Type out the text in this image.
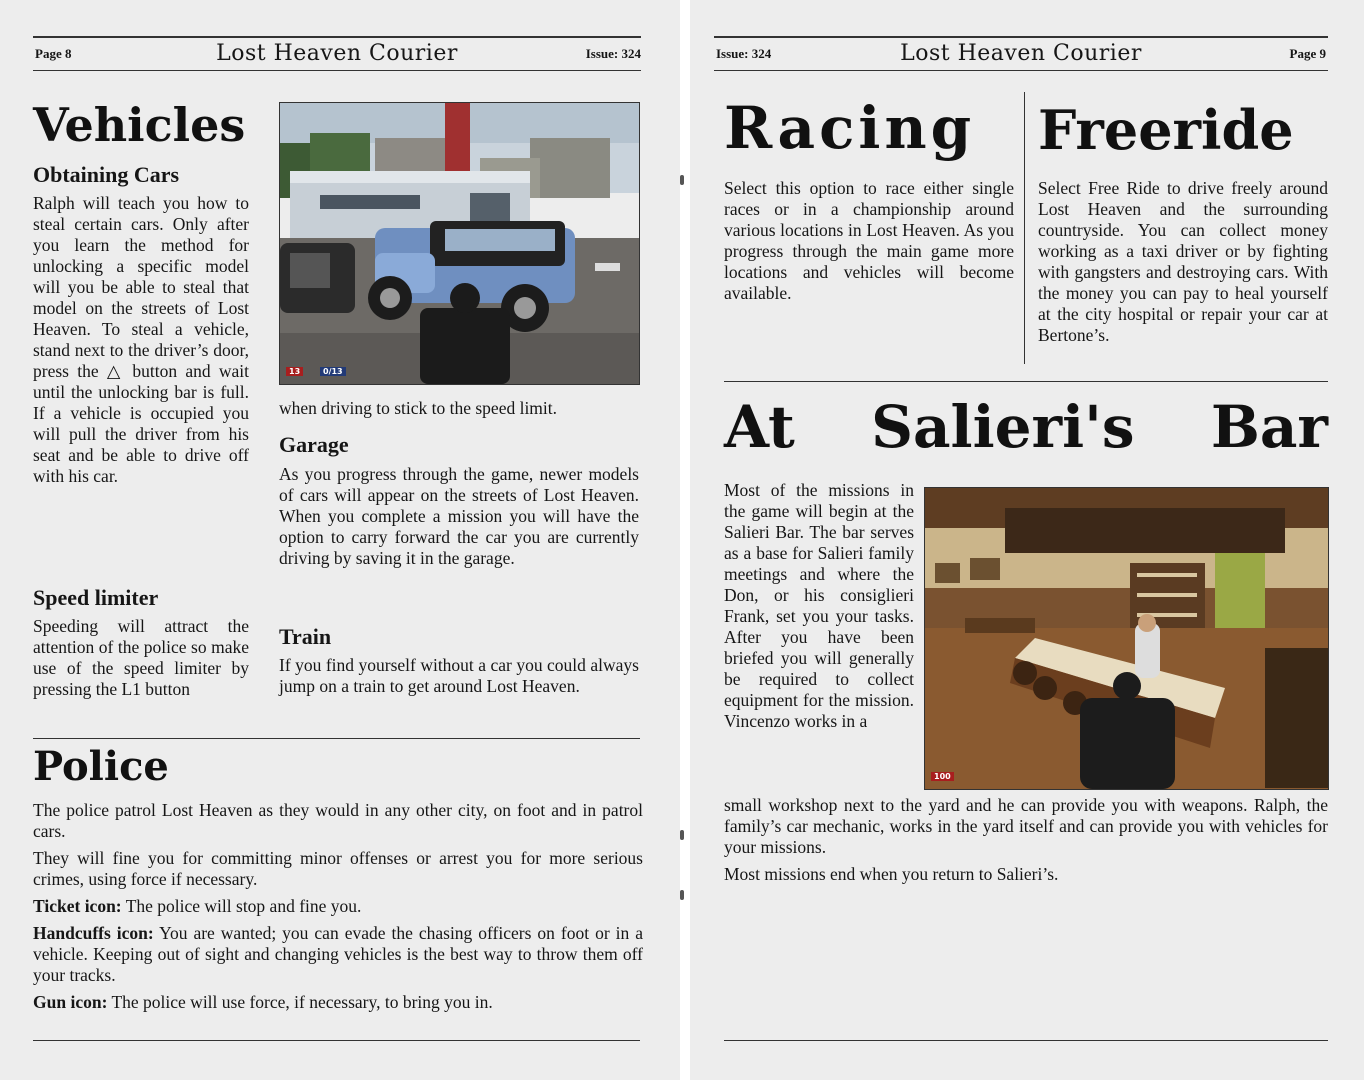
Page 8	Lost Heaven Courier	Issue: 324
Vehicles
Obtaining Cars
Ralph will teach you how to steal certain cars. Only after you learn the method for unlocking a specific model will you be able to steal that model on the streets of Lost Heaven. To steal a vehicle, stand next to the driver’s door, press the △ button and wait until the unlocking bar is full. If a vehicle is occupied you will pull the driver from his seat and be able to drive off with his car.
Speed limiter
Speeding will attract the attention of the police so make use of the speed limiter by pressing the L1 button
13	0/13
when driving to stick to the speed limit.
Garage
As you progress through the game, newer models of cars will appear on the streets of Lost Heaven. When you complete a mission you will have the option to carry forward the car you are currently driving by saving it in the garage.
Train
If you find yourself without a car you could always jump on a train to get around Lost Heaven.
Police

The police patrol Lost Heaven as they would in any other city, on foot and in patrol cars.

They will fine you for committing minor offenses or arrest you for more serious crimes, using force if necessary.

Ticket icon: The police will stop and fine you.

Handcuffs icon: You are wanted; you can evade the chasing officers on foot or in a vehicle. Keeping out of sight and changing vehicles is the best way to throw them off your tracks.

Gun icon: The police will use force, if necessary, to bring you in.

Issue: 324	Lost Heaven Courier	Page 9
Racing
Select this option to race either single races or in a championship around various locations in Lost Heaven. As you progress through the main game more locations and vehicles will become available.
Freeride
Select Free Ride to drive freely around Lost Heaven and the surrounding countryside. You can collect money working as a taxi driver or by fighting with gangsters and destroying cars. With the money you can pay to heal yourself at the city hospital or repair your car at Bertone’s.
At Salieri's Bar
Most of the missions in the game will begin at the Salieri Bar. The bar serves as a base for Salieri family meetings and where the Don, or his consiglieri Frank, set you your tasks. After you have been briefed you will generally be required to collect equipment for the mission. Vincenzo works in a
100

small workshop next to the yard and he can provide you with weapons. Ralph, the family’s car mechanic, works in the yard itself and can provide you with vehicles for your missions.

Most missions end when you return to Salieri’s.
